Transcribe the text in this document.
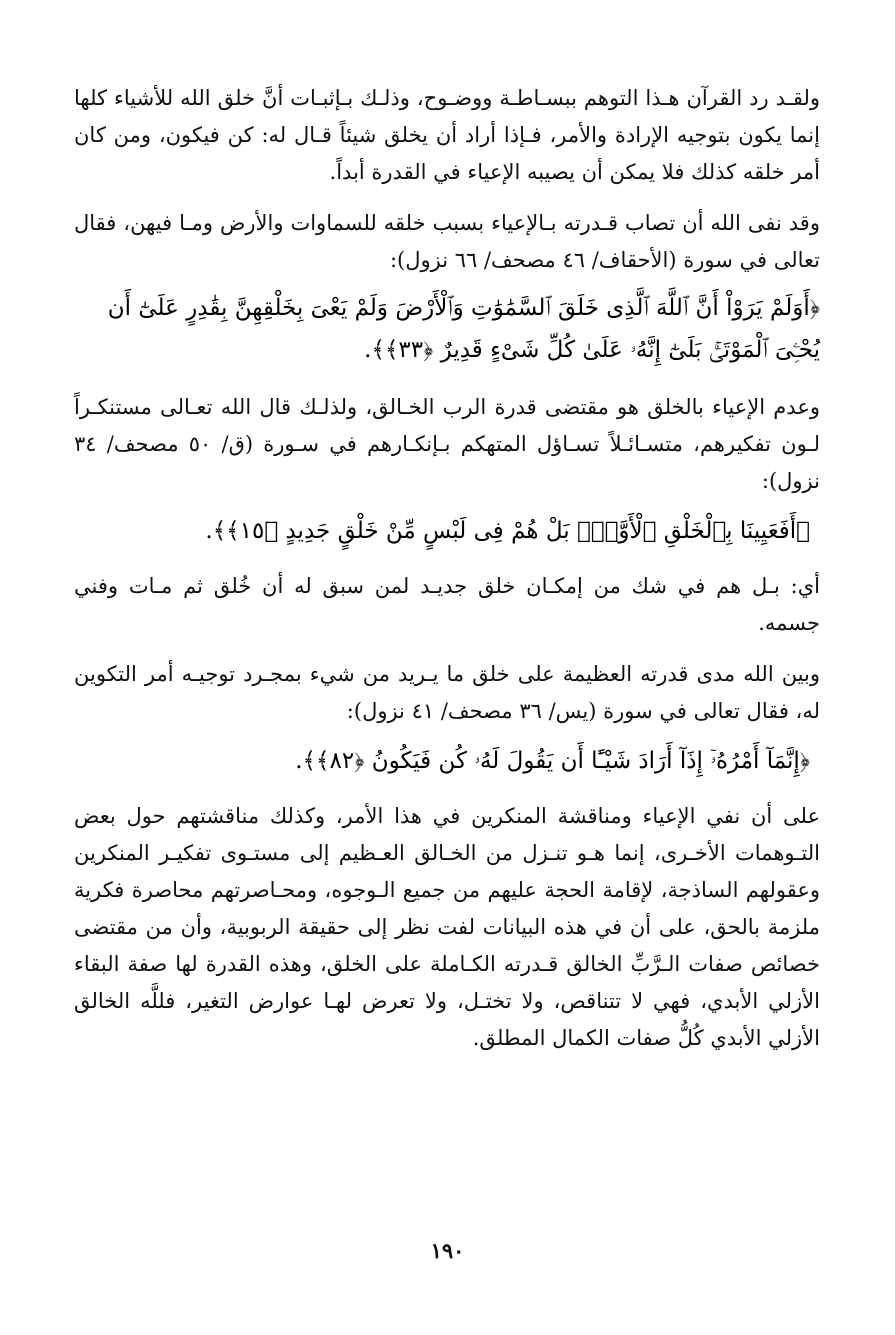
ولقـد رد القرآن هـذا التوهم ببسـاطـة ووضـوح، وذلـك بـإثبـات أنَّ خلق الله للأشياء كلها إنما يكون بتوجيه الإرادة والأمر، فـإذا أراد أن يخلق شيئاً قـال له: كن فيكون، ومن كان أمر خلقه كذلك فلا يمكن أن يصيبه الإعياء في القدرة أبداً.

وقد نفى الله أن تصاب قـدرته بـالإعياء بسبب خلقه للسماوات والأرض ومـا فيهن، فقال تعالى في سورة (الأحقاف/ ٤٦ مصحف/ ٦٦ نزول):

﴿أَوَلَمْ يَرَوْاْ أَنَّ ٱللَّهَ ٱلَّذِى خَلَقَ ٱلسَّمَٰوَٰتِ وَٱلْأَرْضَ وَلَمْ يَعْىَ بِخَلْقِهِنَّ بِقَٰدِرٍ عَلَىٰٓ أَن يُحْـِۧىَ ٱلْمَوْتَىٰۚ بَلَىٰٓ إِنَّهُۥ عَلَىٰ كُلِّ شَىْءٍ قَدِيرٌ ﴿٣٣﴾﴾.

وعدم الإعياء بالخلق هو مقتضى قدرة الرب الخـالق، ولذلـك قال الله تعـالى مستنكـراً لـون تفكيرهم، متسـائـلاً تسـاؤل المتهكم بـإنكـارهم في سـورة (ق/ ٥٠ مصحف/ ٣٤ نزول):

﴿أَفَعَيِينَا بِٱلْخَلْقِ ٱلْأَوَّلِۚ بَلْ هُمْ فِى لَبْسٍ مِّنْ خَلْقٍ جَدِيدٍ ﴿١٥﴾﴾.

أي: بـل هم في شك من إمكـان خلق جديـد لمن سبق له أن خُلق ثم مـات وفني جسمه.

وبين الله مدى قدرته العظيمة على خلق ما يـريد من شيء بمجـرد توجيـه أمر التكوين له، فقال تعالى في سورة (يس/ ٣٦ مصحف/ ٤١ نزول):

﴿إِنَّمَآ أَمْرُهُۥٓ إِذَآ أَرَادَ شَيْـًٔا أَن يَقُولَ لَهُۥ كُن فَيَكُونُ ﴿٨٢﴾﴾.

على أن نفي الإعياء ومناقشة المنكرين في هذا الأمر، وكذلك مناقشتهم حول بعض التـوهمات الأخـرى، إنما هـو تنـزل من الخـالق العـظيم إلى مستـوى تفكيـر المنكرين وعقولهم الساذجة، لإقامة الحجة عليهم من جميع الـوجوه، ومحـاصرتهم محاصرة فكرية ملزمة بالحق، على أن في هذه البيانات لفت نظر إلى حقيقة الربوبية، وأن من مقتضى خصائص صفات الـرَّبِّ الخالق قـدرته الكـاملة على الخلق، وهذه القدرة لها صفة البقاء الأزلي الأبدي، فهي لا تتناقص، ولا تختـل، ولا تعرض لهـا عوارض التغير، فللَّه الخالق الأزلي الأبدي كُلُّ صفات الكمال المطلق.

١٩٠
